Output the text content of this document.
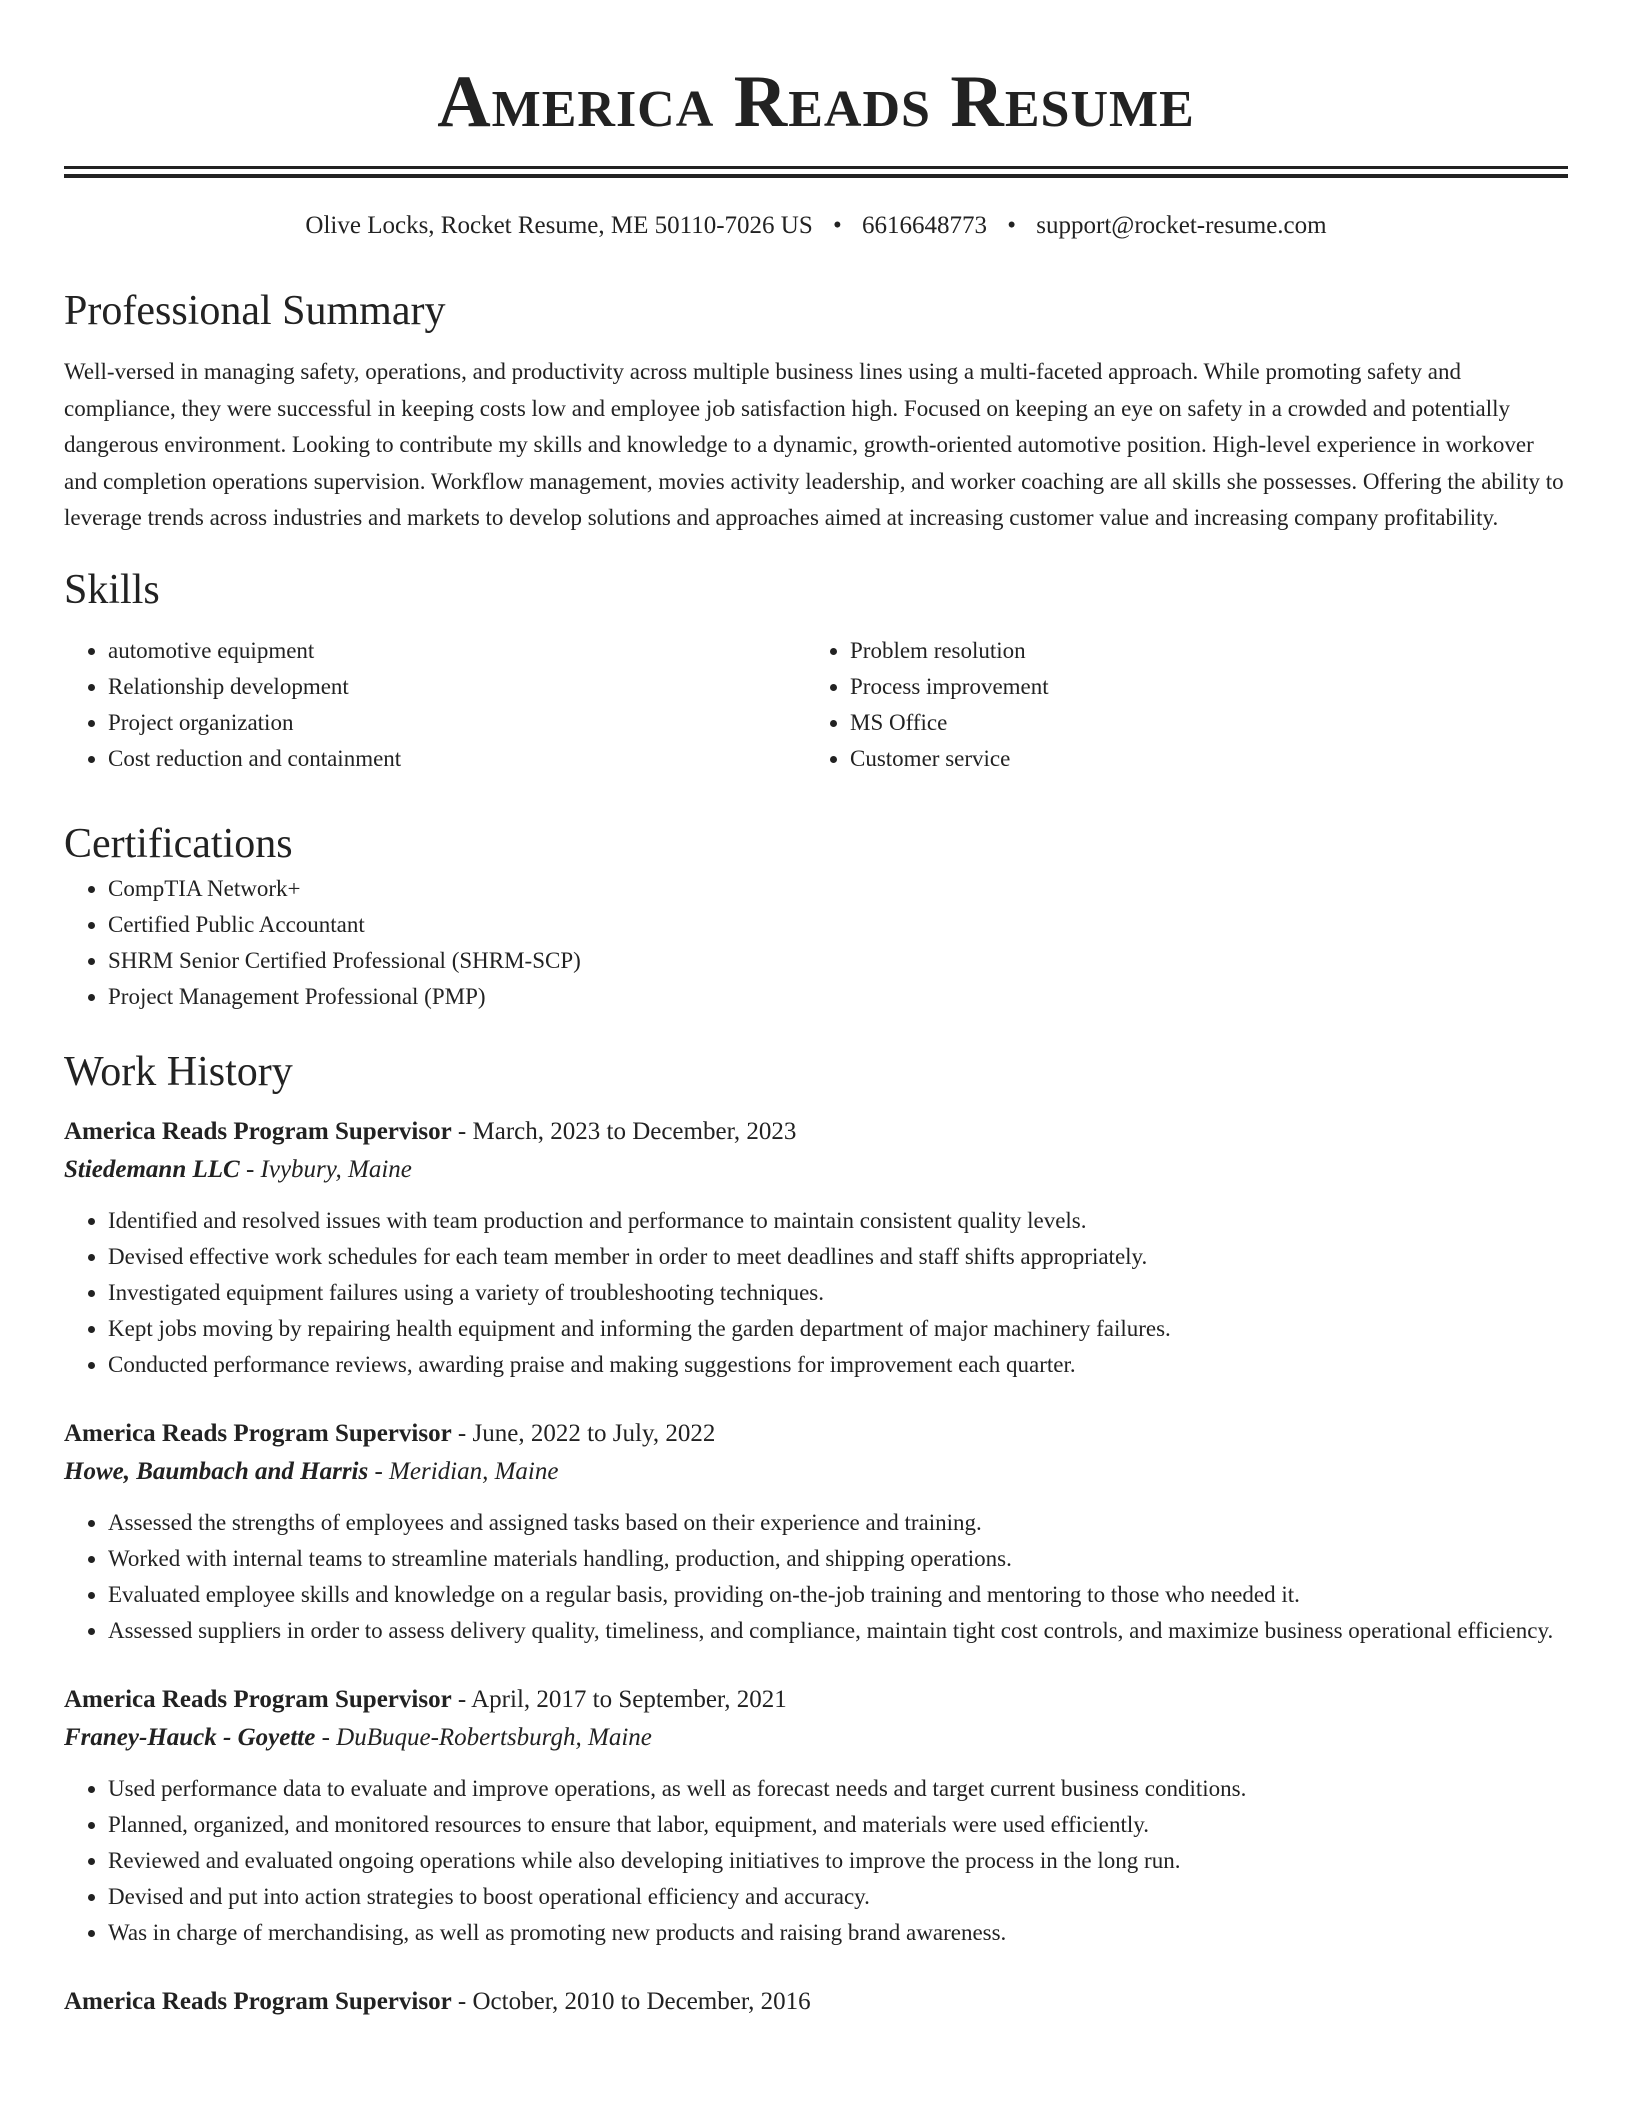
America Reads Resume
Olive Locks, Rocket Resume, ME 50110-7026 US • 6616648773 • support@rocket-resume.com
Professional Summary

Well-versed in managing safety, operations, and productivity across multiple business lines using a multi-faceted approach. While promoting safety and compliance, they were successful in keeping costs low and employee job satisfaction high. Focused on keeping an eye on safety in a crowded and potentially dangerous environment. Looking to contribute my skills and knowledge to a dynamic, growth-oriented automotive position. High-level experience in workover and completion operations supervision. Workflow management, movies activity leadership, and worker coaching are all skills she possesses. Offering the ability to leverage trends across industries and markets to develop solutions and approaches aimed at increasing customer value and increasing company profitability.

Skills
• automotive equipment
• Relationship development
• Project organization
• Cost reduction and containment
• Problem resolution
• Process improvement
• MS Office
• Customer service
Certifications
• CompTIA Network+
• Certified Public Accountant
• SHRM Senior Certified Professional (SHRM-SCP)
• Project Management Professional (PMP)
Work History
America Reads Program Supervisor - March, 2023 to December, 2023
Stiedemann LLC - Ivybury, Maine
• Identified and resolved issues with team production and performance to maintain consistent quality levels.
• Devised effective work schedules for each team member in order to meet deadlines and staff shifts appropriately.
• Investigated equipment failures using a variety of troubleshooting techniques.
• Kept jobs moving by repairing health equipment and informing the garden department of major machinery failures.
• Conducted performance reviews, awarding praise and making suggestions for improvement each quarter.
America Reads Program Supervisor - June, 2022 to July, 2022
Howe, Baumbach and Harris - Meridian, Maine
• Assessed the strengths of employees and assigned tasks based on their experience and training.
• Worked with internal teams to streamline materials handling, production, and shipping operations.
• Evaluated employee skills and knowledge on a regular basis, providing on-the-job training and mentoring to those who needed it.
• Assessed suppliers in order to assess delivery quality, timeliness, and compliance, maintain tight cost controls, and maximize business operational efficiency.
America Reads Program Supervisor - April, 2017 to September, 2021
Franey-Hauck - Goyette - DuBuque-Robertsburgh, Maine
• Used performance data to evaluate and improve operations, as well as forecast needs and target current business conditions.
• Planned, organized, and monitored resources to ensure that labor, equipment, and materials were used efficiently.
• Reviewed and evaluated ongoing operations while also developing initiatives to improve the process in the long run.
• Devised and put into action strategies to boost operational efficiency and accuracy.
• Was in charge of merchandising, as well as promoting new products and raising brand awareness.
America Reads Program Supervisor - October, 2010 to December, 2016
